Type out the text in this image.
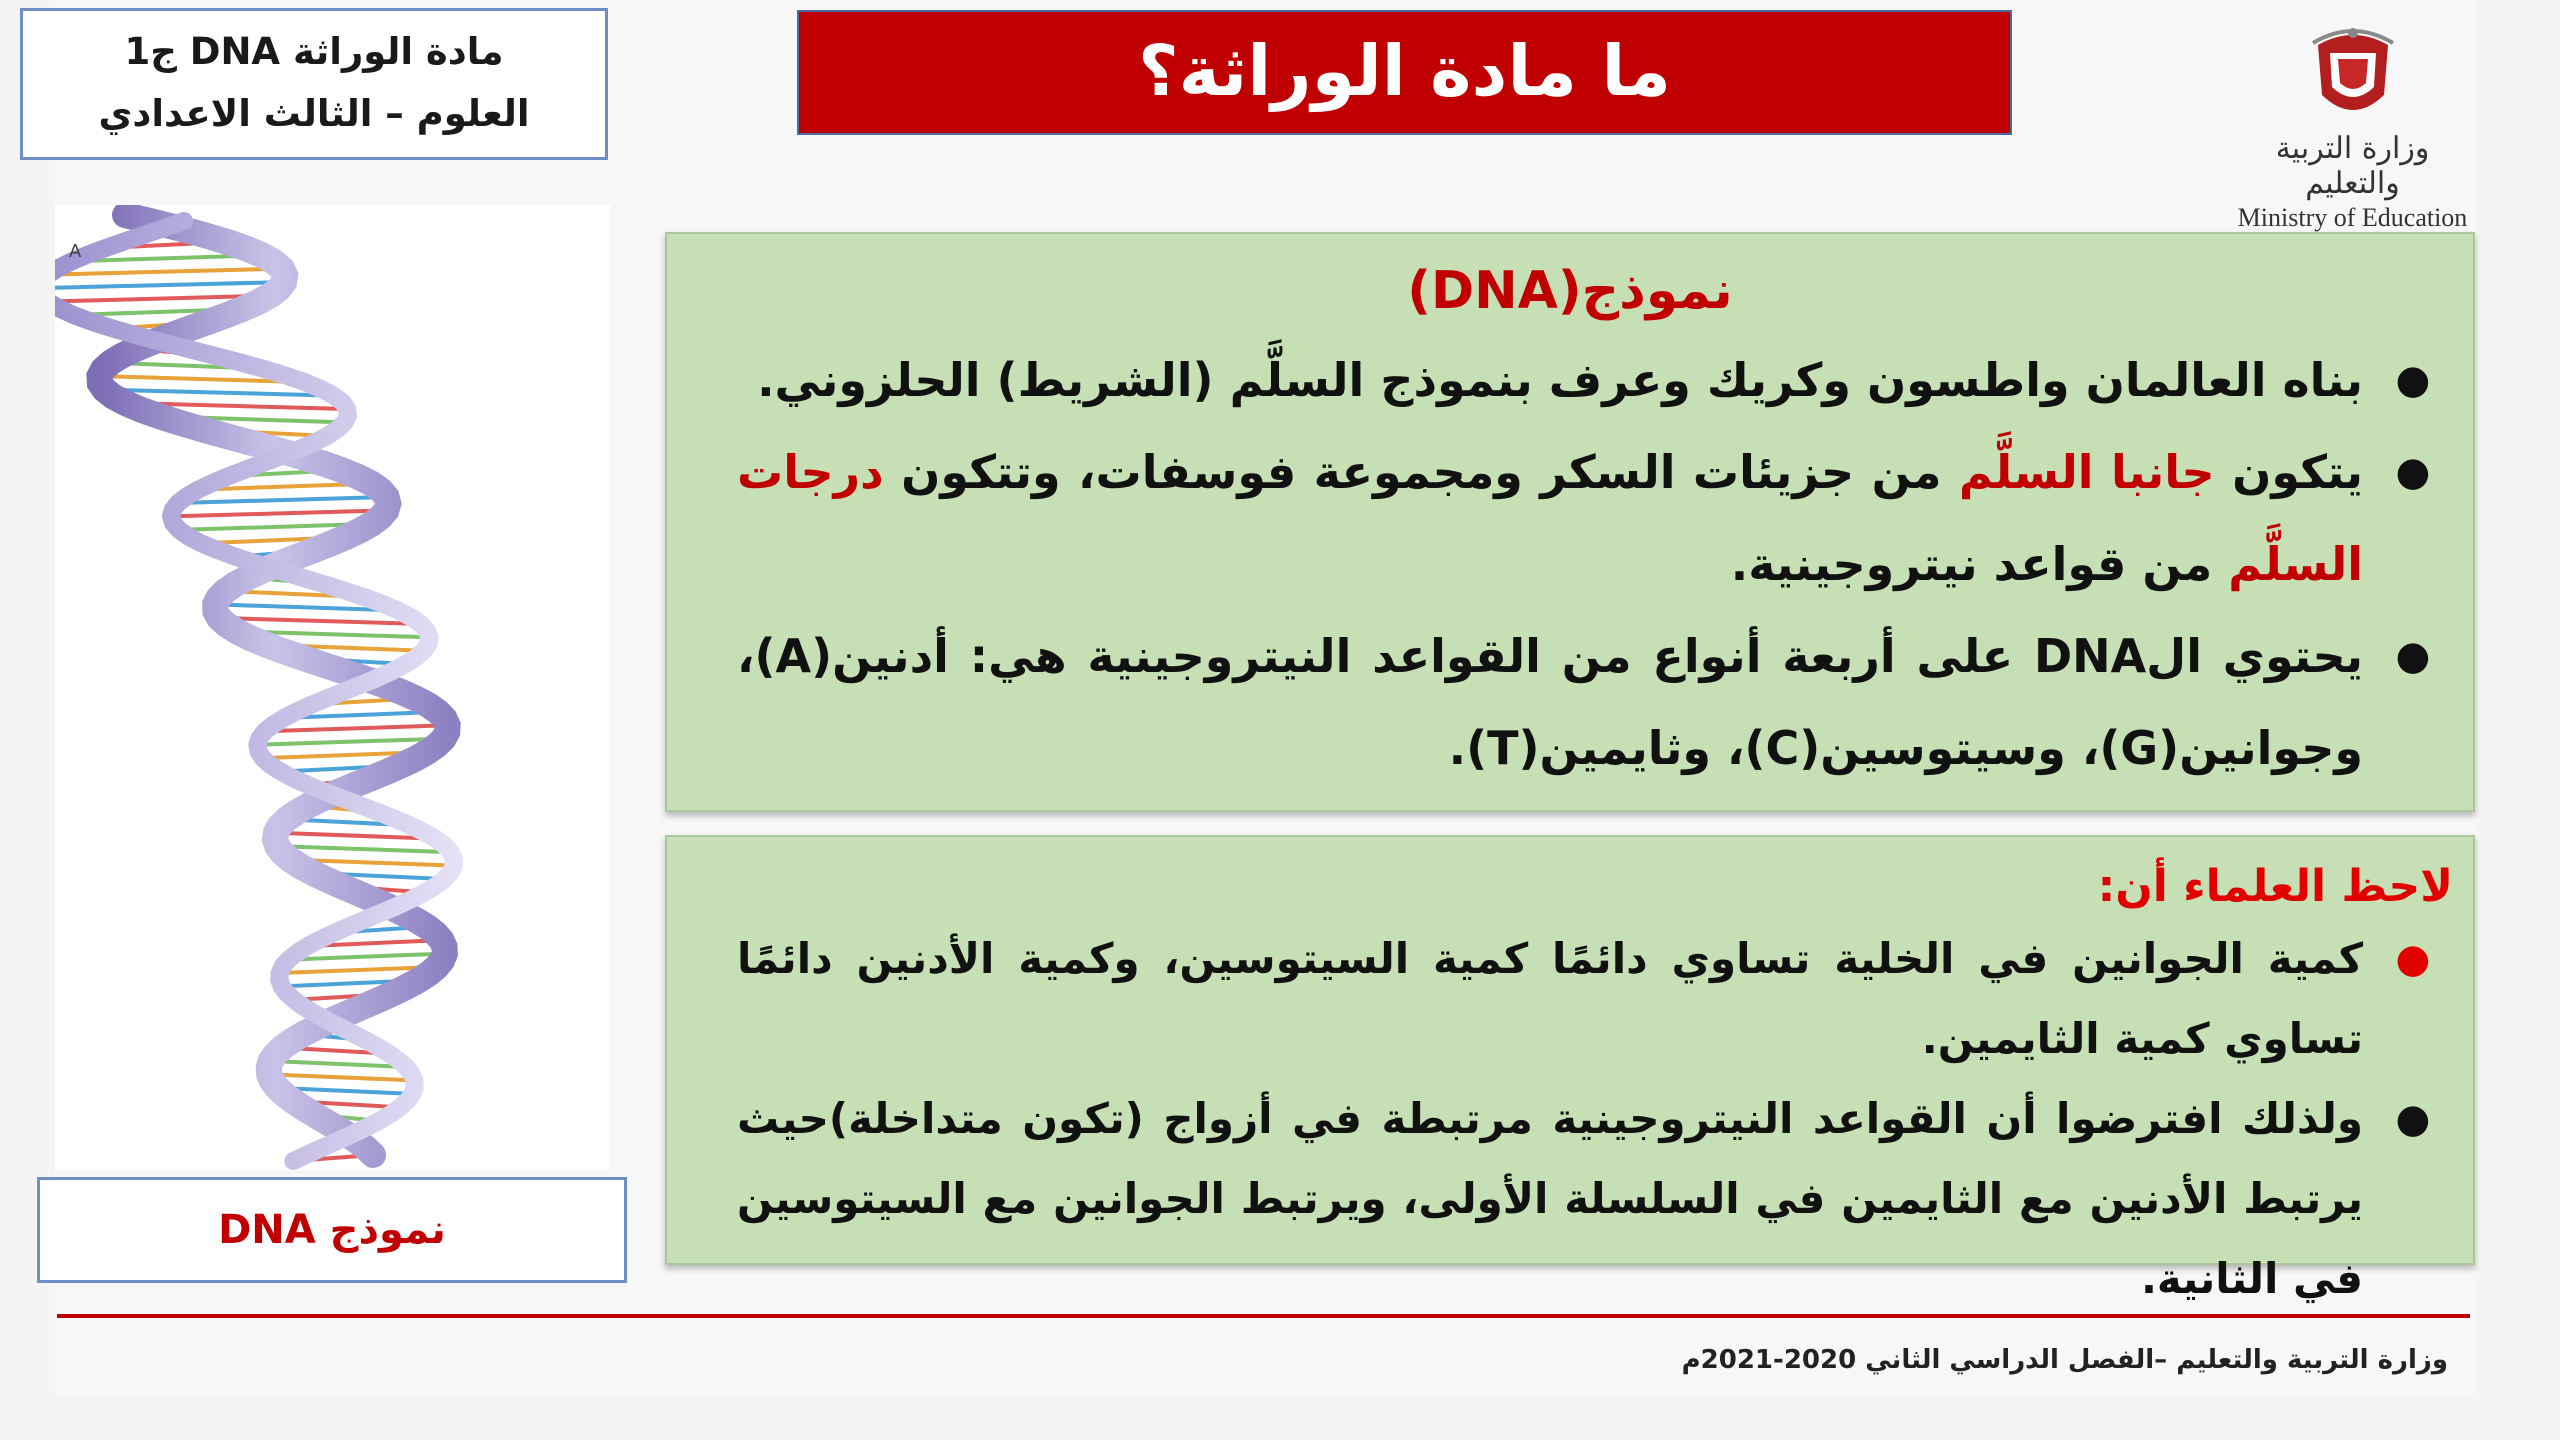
مادة الوراثة DNA ج1
العلوم – الثالث الاعدادي
ما مادة الوراثة؟
وزارة التربية والتعليم
Ministry of Education
A
نموذج DNA
نموذج(DNA)
●
بناه العالمان واطسون وكريك وعرف بنموذج السلَّم (الشريط) الحلزوني.
●
يتكون جانبا السلَّم من جزيئات السكر ومجموعة فوسفات، وتتكون درجات السلَّم من قواعد نيتروجينية.
●
يحتوي الDNA على أربعة أنواع من القواعد النيتروجينية هي: أدنين(A)، وجوانين(G)، وسيتوسين(C)، وثايمين(T).
لاحظ العلماء أن:
●
كمية الجوانين في الخلية تساوي دائمًا كمية السيتوسين، وكمية الأدنين دائمًا تساوي كمية الثايمين.
●
ولذلك افترضوا أن القواعد النيتروجينية مرتبطة في أزواج (تكون متداخلة)حيث يرتبط الأدنين مع الثايمين في السلسلة الأولى، ويرتبط الجوانين مع السيتوسين في الثانية.
وزارة التربية والتعليم –الفصل الدراسي الثاني 2020-2021م
